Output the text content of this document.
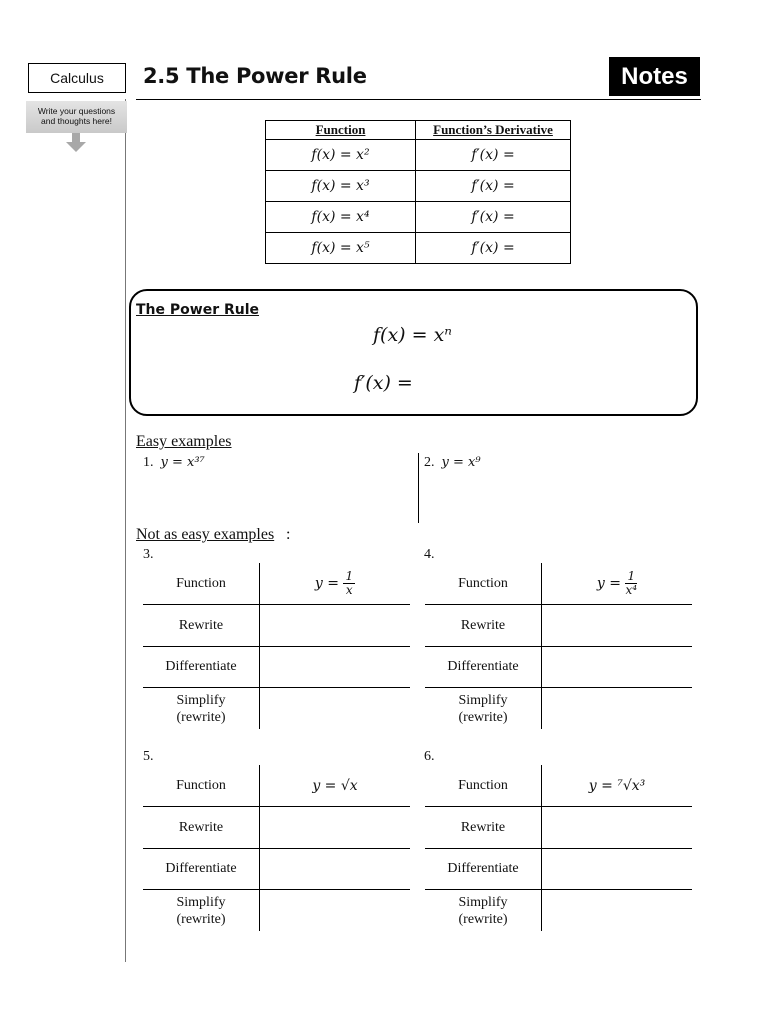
Calculus	2.5 The Power Rule	Notes
Write your questions
and thoughts here!
Function	Function’s Derivative
f(x) = x²	f′(x) =
f(x) = x³	f′(x) =
f(x) = x⁴	f′(x) =
f(x) = x⁵	f′(x) =
The Power Rule
f(x) = xⁿ
f′(x) =
Easy examples
1. y = x³⁷	2. y = x⁹
Not as easy examples :
3.
Function	$y = \frac{1}{x}$

Rewrite	
Differentiate	

Simplify
(rewrite)	

4.
Function	$y = \frac{1}{\text{x⁴}}$

Rewrite	
Differentiate	

Simplify
(rewrite)	

5.
Function	y = √x
Rewrite	
Differentiate	

Simplify
(rewrite)	

6.
Function	y = ⁷√x³
Rewrite	
Differentiate	

Simplify
(rewrite)	
